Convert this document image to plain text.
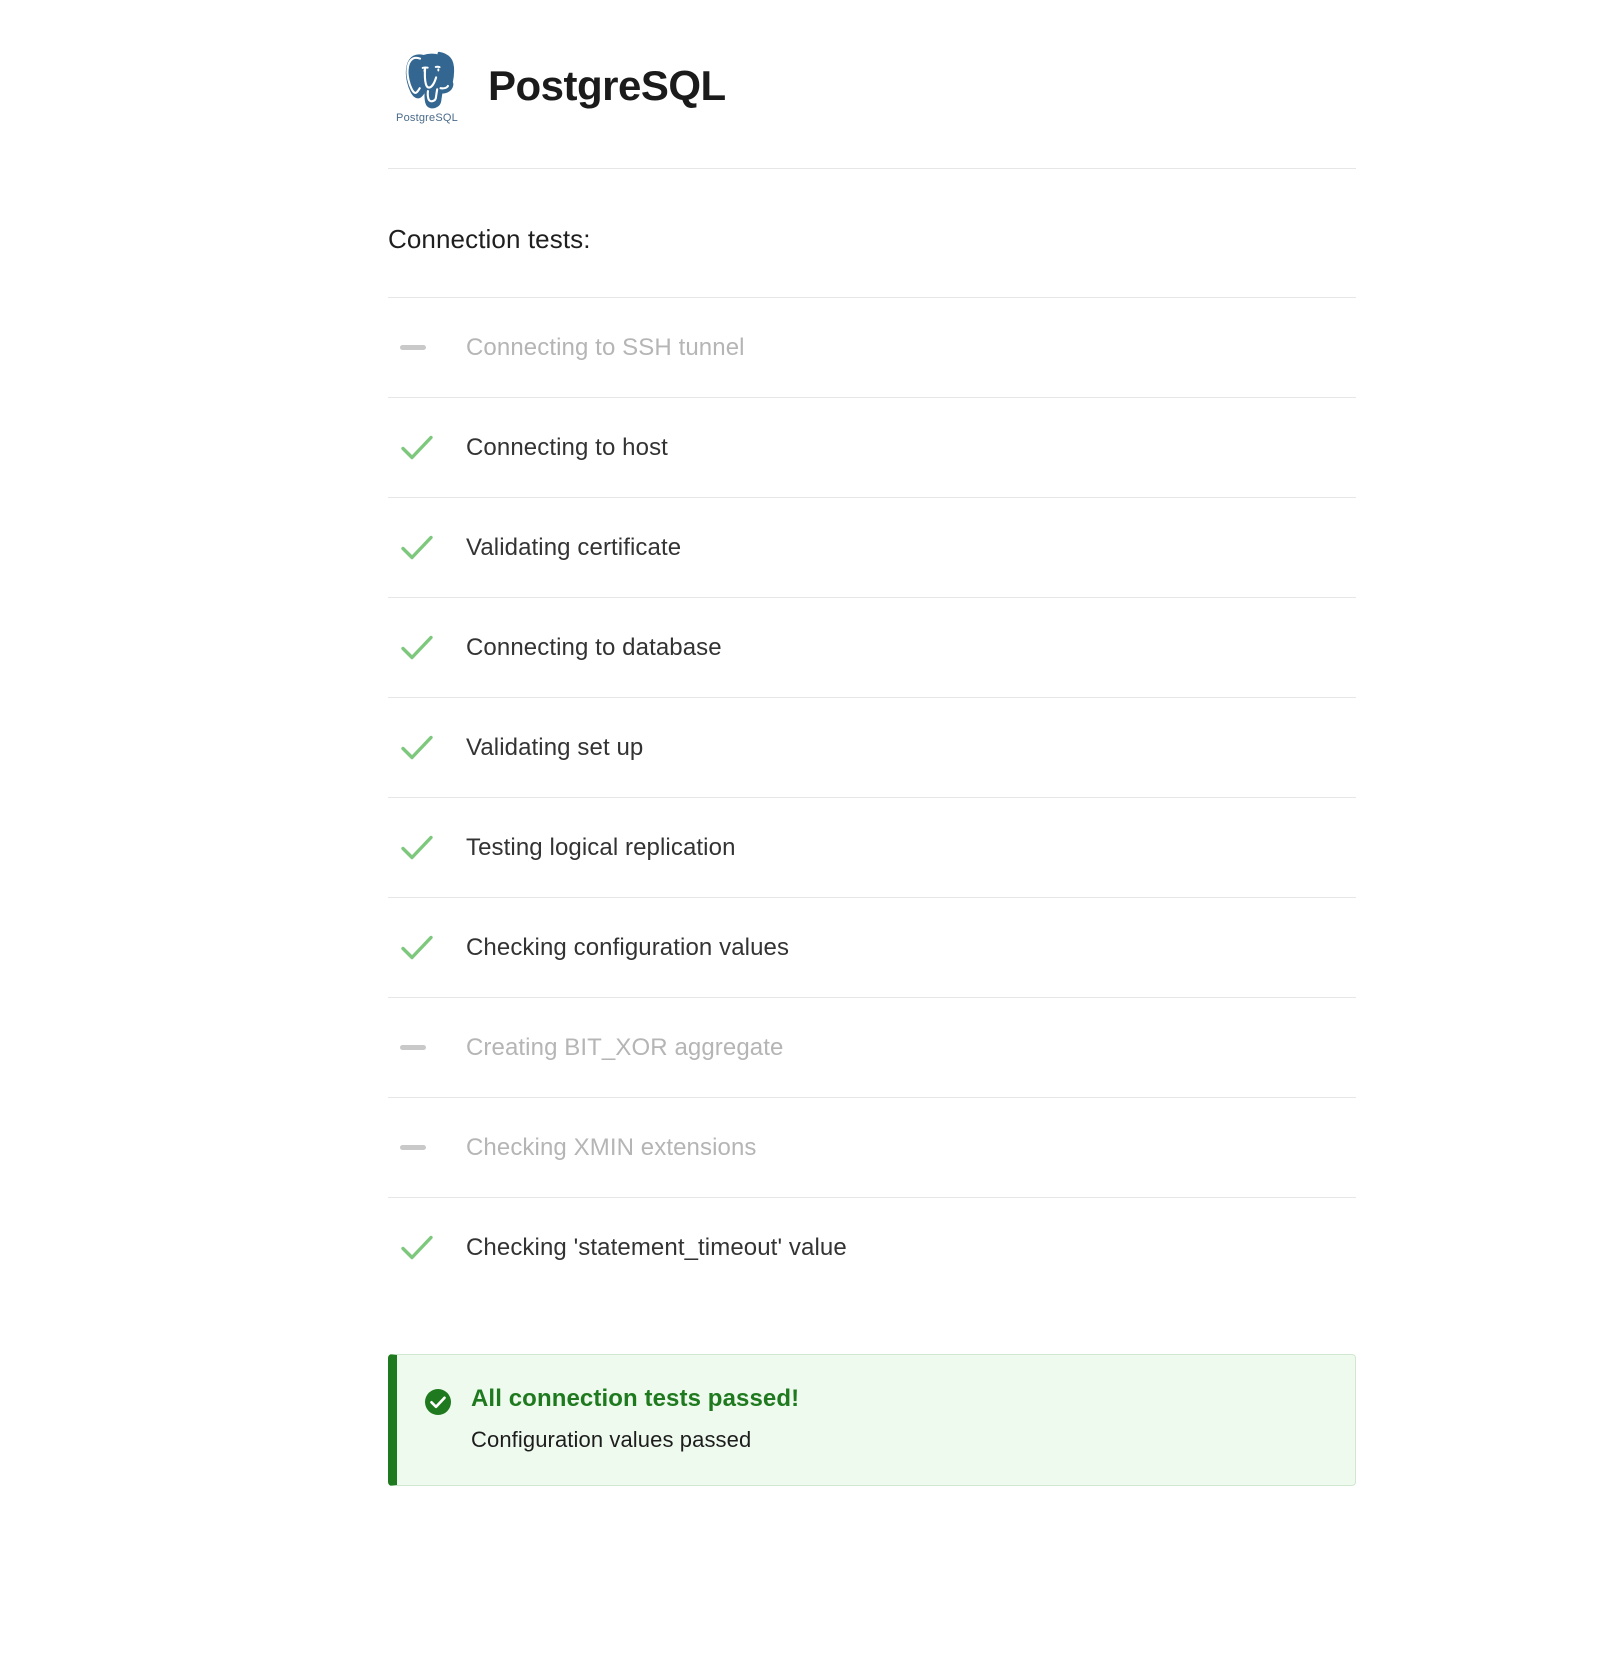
PostgreSQL
PostgreSQL
Connection tests:
Connecting to SSH tunnel
Connecting to host
Validating certificate
Connecting to database
Validating set up
Testing logical replication
Checking configuration values
Creating BIT_XOR aggregate
Checking XMIN extensions
Checking 'statement_timeout' value
All connection tests passed!
Configuration values passed
